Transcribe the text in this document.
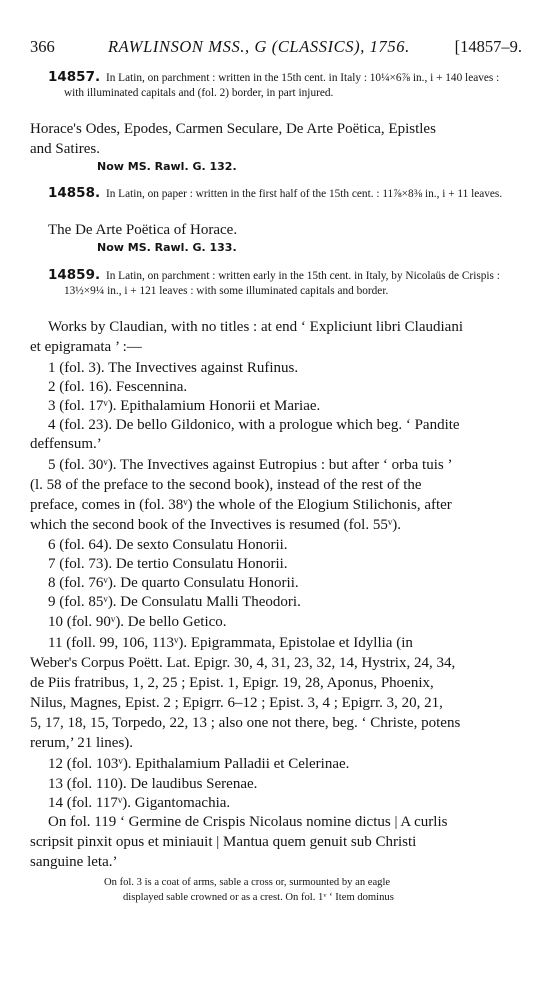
366	RAWLINSON MSS., G (CLASSICS), 1756.	[14857–9.
14857. In Latin, on parchment : written in the 15th cent. in Italy : 10¼×6⅞ in., i + 140 leaves : with illuminated capitals and (fol. 2) border, in part injured.
Horace's Odes, Epodes, Carmen Seculare, De Arte Poëtica, Epistles
and Satires.
Now MS. Rawl. G. 132.
14858. In Latin, on paper : written in the first half of the 15th cent. : 11⅞×8⅜ in., i + 11 leaves.
The De Arte Poëtica of Horace.
Now MS. Rawl. G. 133.
14859. In Latin, on parchment : written early in the 15th cent. in Italy, by Nicolaüs de Crispis : 13½×9¼ in., i + 121 leaves : with some illuminated capitals and border.
Works by Claudian, with no titles : at end ‘ Expliciunt libri Claudiani
et epigramata ’ :—
1 (fol. 3). The Invectives against Rufinus.
2 (fol. 16). Fescennina.
3 (fol. 17ᵛ). Epithalamium Honorii et Mariae.
4 (fol. 23). De bello Gildonico, with a prologue which beg. ‘ Pandite
deffensum.’
5 (fol. 30ᵛ). The Invectives against Eutropius : but after ‘ orba tuis ’
(l. 58 of the preface to the second book), instead of the rest of the
preface, comes in (fol. 38ᵛ) the whole of the Elogium Stilichonis, after
which the second book of the Invectives is resumed (fol. 55ᵛ).
6 (fol. 64). De sexto Consulatu Honorii.
7 (fol. 73). De tertio Consulatu Honorii.
8 (fol. 76ᵛ). De quarto Consulatu Honorii.
9 (fol. 85ᵛ). De Consulatu Malli Theodori.
10 (fol. 90ᵛ). De bello Getico.
11 (foll. 99, 106, 113ᵛ). Epigrammata, Epistolae et Idyllia (in
Weber's Corpus Poëtt. Lat. Epigr. 30, 4, 31, 23, 32, 14, Hystrix, 24, 34,
de Piis fratribus, 1, 2, 25 ; Epist. 1, Epigr. 19, 28, Aponus, Phoenix,
Nilus, Magnes, Epist. 2 ; Epigrr. 6–12 ; Epist. 3, 4 ; Epigrr. 3, 20, 21,
5, 17, 18, 15, Torpedo, 22, 13 ; also one not there, beg. ‘ Christe, potens
rerum,’ 21 lines).
12 (fol. 103ᵛ). Epithalamium Palladii et Celerinae.
13 (fol. 110). De laudibus Serenae.
14 (fol. 117ᵛ). Gigantomachia.
On fol. 119 ‘ Germine de Crispis Nicolaus nomine dictus | A curlis
scripsit pinxit opus et miniauit | Mantua quem genuit sub Christi
sanguine leta.’
On fol. 3 is a coat of arms, sable a cross or, surmounted by an eagle
displayed sable crowned or as a crest. On fol. 1ᵛ ‘ Item dominus
